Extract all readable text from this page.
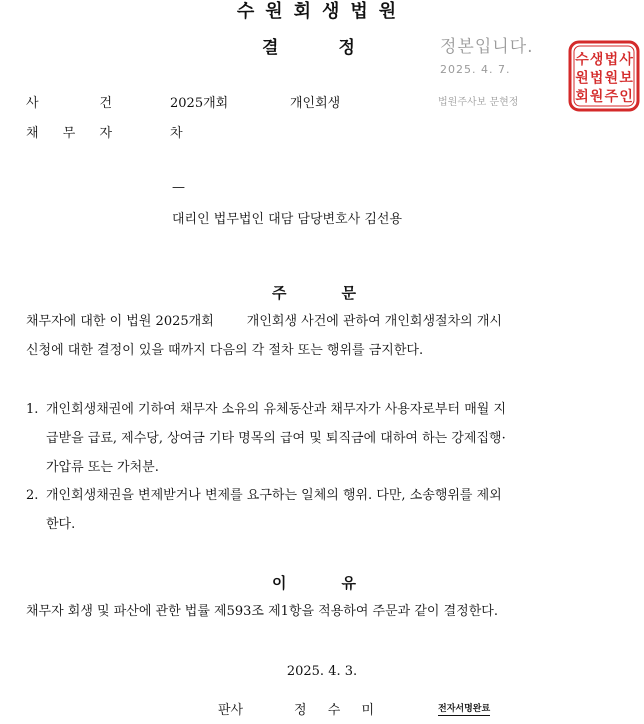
수원회생법원
결	정	정본입니다.
2025. 4. 7.
법원주사보 문현정
수
원
회
생
법
원
법
원
주
사
보
인
사	건	2025개회	개인회생
채 무 자	차
—
대리인 법무법인 대담 담당변호사 김선용
주	문
채무자에 대한 이 법원 2025개회        개인회생 사건에 관하여 개인회생절차의 개시
신청에 대한 결정이 있을 때까지 다음의 각 절차 또는 행위를 금지한다.
1. 개인회생채권에 기하여 채무자 소유의 유체동산과 채무자가 사용자로부터 매월 지
급받을 급료, 제수당, 상여금 기타 명목의 급여 및 퇴직금에 대하여 하는 강제집행·
가압류 또는 가처분.
2. 개인회생채권을 변제받거나 변제를 요구하는 일체의 행위. 다만, 소송행위를 제외
한다.
이	유
채무자 회생 및 파산에 관한 법률 제593조 제1항을 적용하여 주문과 같이 결정한다.
2025. 4. 3.
판사	정 수 미	전자서명완료
